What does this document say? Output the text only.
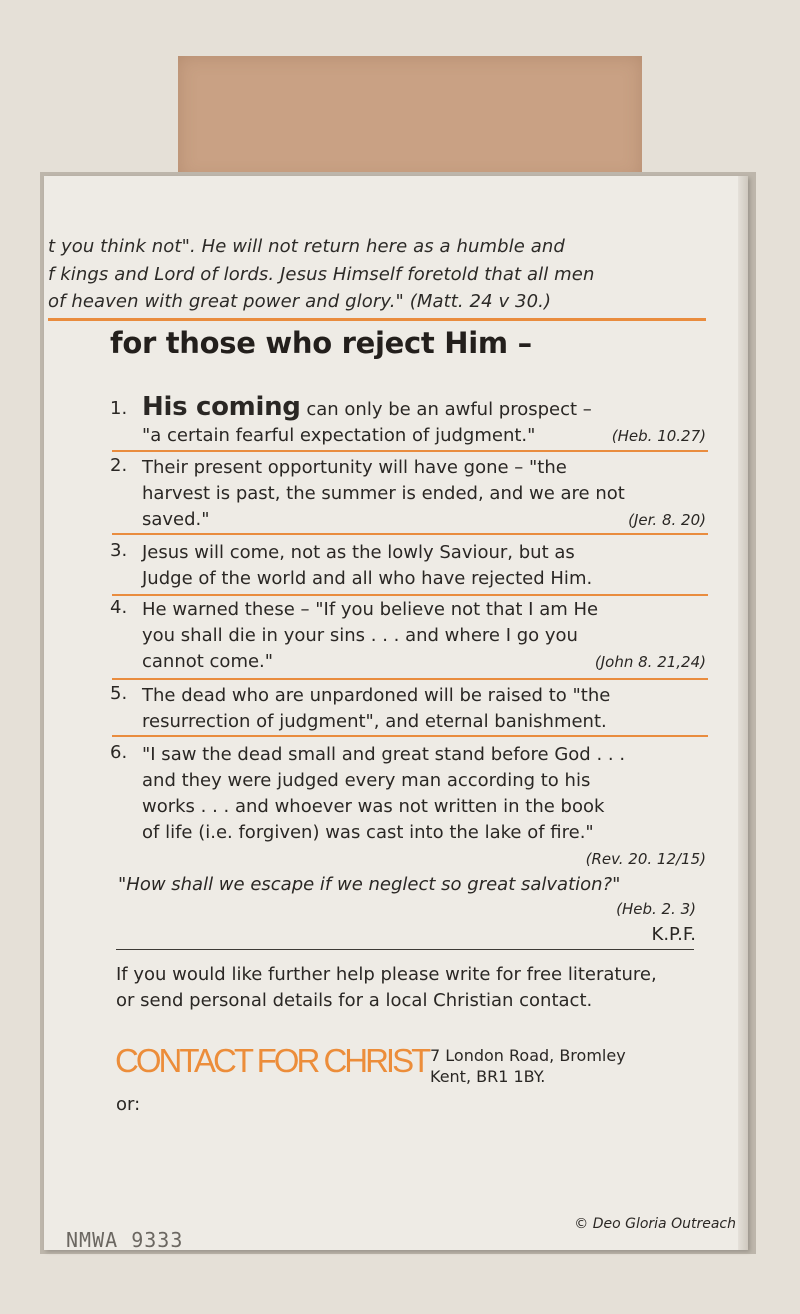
t you think not". He will not return here as a humble and
f kings and Lord of lords. Jesus Himself foretold that all men
of heaven with great power and glory." (Matt. 24 v 30.)
for those who reject Him –
1. His coming can only be an awful prospect –
"a certain fearful expectation of judgment."	(Heb. 10.27)
2. Their present opportunity will have gone – "the
harvest is past, the summer is ended, and we are not
saved."	(Jer. 8. 20)
3. Jesus will come, not as the lowly Saviour, but as
Judge of the world and all who have rejected Him.
4. He warned these – "If you believe not that I am He
you shall die in your sins . . . and where I go you
cannot come."	(John 8. 21,24)
5. The dead who are unpardoned will be raised to "the
resurrection of judgment", and eternal banishment.
6. "I saw the dead small and great stand before God . . .
and they were judged every man according to his
works . . . and whoever was not written in the book
of life (i.e. forgiven) was cast into the lake of fire."
(Rev. 20. 12/15)
"How shall we escape if we neglect so great salvation?"
(Heb. 2. 3)
K.P.F.
If you would like further help please write for free literature, or send personal details for a local Christian contact.
CONTACT FOR CHRIST 7 London Road, Bromley
Kent, BR1 1BY.
or:
© Deo Gloria Outreach
NMWA 9333
